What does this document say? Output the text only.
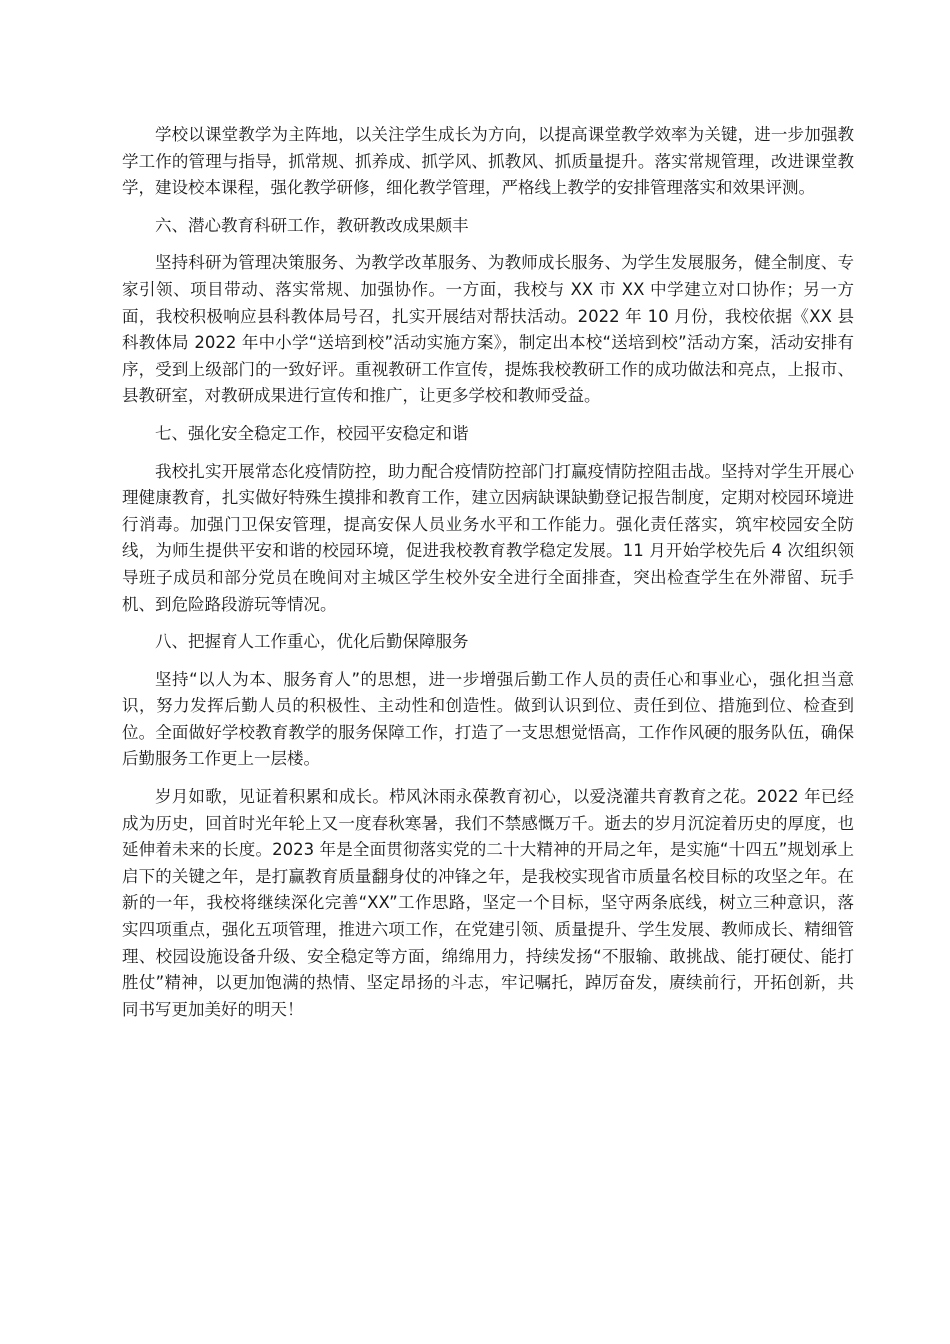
学校以课堂教学为主阵地，以关注学生成长为方向，以提高课堂教学效率为关键，进一步加强教学工作的管理与指导，抓常规、抓养成、抓学风、抓教风、抓质量提升。落实常规管理，改进课堂教学，建设校本课程，强化教学研修，细化教学管理，严格线上教学的安排管理落实和效果评测。

六、潜心教育科研工作，教研教改成果颇丰

坚持科研为管理决策服务、为教学改革服务、为教师成长服务、为学生发展服务，健全制度、专家引领、项目带动、落实常规、加强协作。一方面，我校与 XX 市 XX 中学建立对口协作；另一方面，我校积极响应县科教体局号召，扎实开展结对帮扶活动。2022 年 10 月份，我校依据《XX 县科教体局 2022 年中小学“送培到校”活动实施方案》，制定出本校“送培到校”活动方案，活动安排有序，受到上级部门的一致好评。重视教研工作宣传，提炼我校教研工作的成功做法和亮点，上报市、县教研室，对教研成果进行宣传和推广，让更多学校和教师受益。

七、强化安全稳定工作，校园平安稳定和谐

我校扎实开展常态化疫情防控，助力配合疫情防控部门打赢疫情防控阻击战。坚持对学生开展心理健康教育，扎实做好特殊生摸排和教育工作，建立因病缺课缺勤登记报告制度，定期对校园环境进行消毒。加强门卫保安管理，提高安保人员业务水平和工作能力。强化责任落实，筑牢校园安全防线，为师生提供平安和谐的校园环境，促进我校教育教学稳定发展。11 月开始学校先后 4 次组织领导班子成员和部分党员在晚间对主城区学生校外安全进行全面排查，突出检查学生在外滞留、玩手机、到危险路段游玩等情况。

八、把握育人工作重心，优化后勤保障服务

坚持“以人为本、服务育人”的思想，进一步增强后勤工作人员的责任心和事业心，强化担当意识，努力发挥后勤人员的积极性、主动性和创造性。做到认识到位、责任到位、措施到位、检查到位。全面做好学校教育教学的服务保障工作，打造了一支思想觉悟高，工作作风硬的服务队伍，确保后勤服务工作更上一层楼。

岁月如歌，见证着积累和成长。栉风沐雨永葆教育初心，以爱浇灌共育教育之花。2022 年已经成为历史，回首时光年轮上又一度春秋寒暑，我们不禁感慨万千。逝去的岁月沉淀着历史的厚度，也延伸着未来的长度。2023 年是全面贯彻落实党的二十大精神的开局之年，是实施“十四五”规划承上启下的关键之年，是打赢教育质量翻身仗的冲锋之年，是我校实现省市质量名校目标的攻坚之年。在新的一年，我校将继续深化完善“XX”工作思路，坚定一个目标，坚守两条底线，树立三种意识，落实四项重点，强化五项管理，推进六项工作，在党建引领、质量提升、学生发展、教师成长、精细管理、校园设施设备升级、安全稳定等方面，绵绵用力，持续发扬“不服输、敢挑战、能打硬仗、能打胜仗”精神，以更加饱满的热情、坚定昂扬的斗志，牢记嘱托，踔厉奋发，赓续前行，开拓创新，共同书写更加美好的明天！
